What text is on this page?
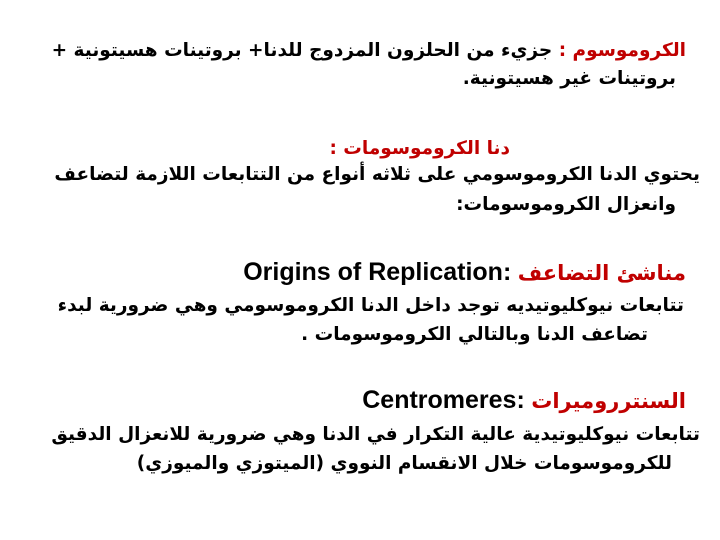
الكروموسوم : جزيء من الحلزون المزدوج للدنا+ بروتينات هسيتونية +
بروتينات غير هسيتونية.
دنا الكروموسومات :
يحتوي الدنا الكروموسومي على ثلاثه أنواع من التتابعات اللازمة لتضاعف
وانعزال الكروموسومات:
مناشئ التضاعف Origins of Replication:
تتابعات نيوكليوتيديه توجد داخل الدنا الكروموسومي وهي ضرورية لبدء
تضاعف الدنا وبالتالي الكروموسومات .
السنترروميرات Centromeres:
تتابعات نيوكليوتيدية عالية التكرار في الدنا وهي ضرورية للانعزال الدقيق
للكروموسومات خلال الانقسام النووي (الميتوزي والميوزي)
